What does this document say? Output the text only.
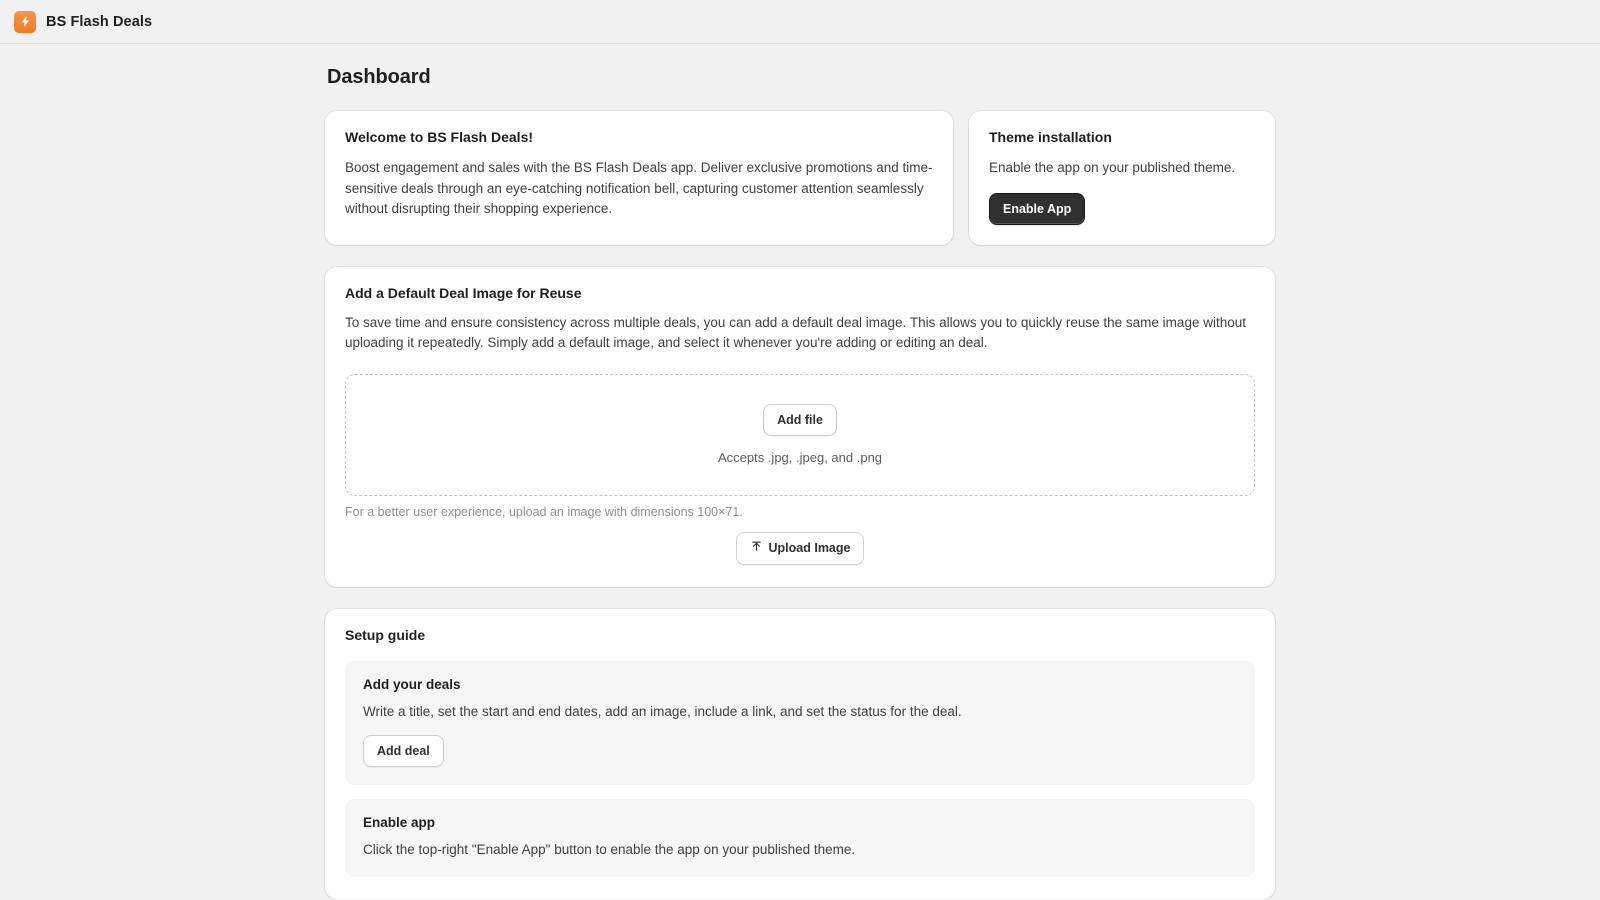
BS Flash Deals
Dashboard
Welcome to BS Flash Deals!

Boost engagement and sales with the BS Flash Deals app. Deliver exclusive promotions and time-sensitive deals through an eye-catching notification bell, capturing customer attention seamlessly without disrupting their shopping experience.

Theme installation

Enable the app on your published theme.

Enable App
Add a Default Deal Image for Reuse

To save time and ensure consistency across multiple deals, you can add a default deal image. This allows you to quickly reuse the same image without uploading it repeatedly. Simply add a default image, and select it whenever you're adding or editing an deal.

Add file
Accepts .jpg, .jpeg, and .png
For a better user experience, upload an image with dimensions 100×71.
Upload Image
Setup guide
Add your deals

Write a title, set the start and end dates, add an image, include a link, and set the status for the deal.

Add deal
Enable app

Click the top-right "Enable App" button to enable the app on your published theme.
